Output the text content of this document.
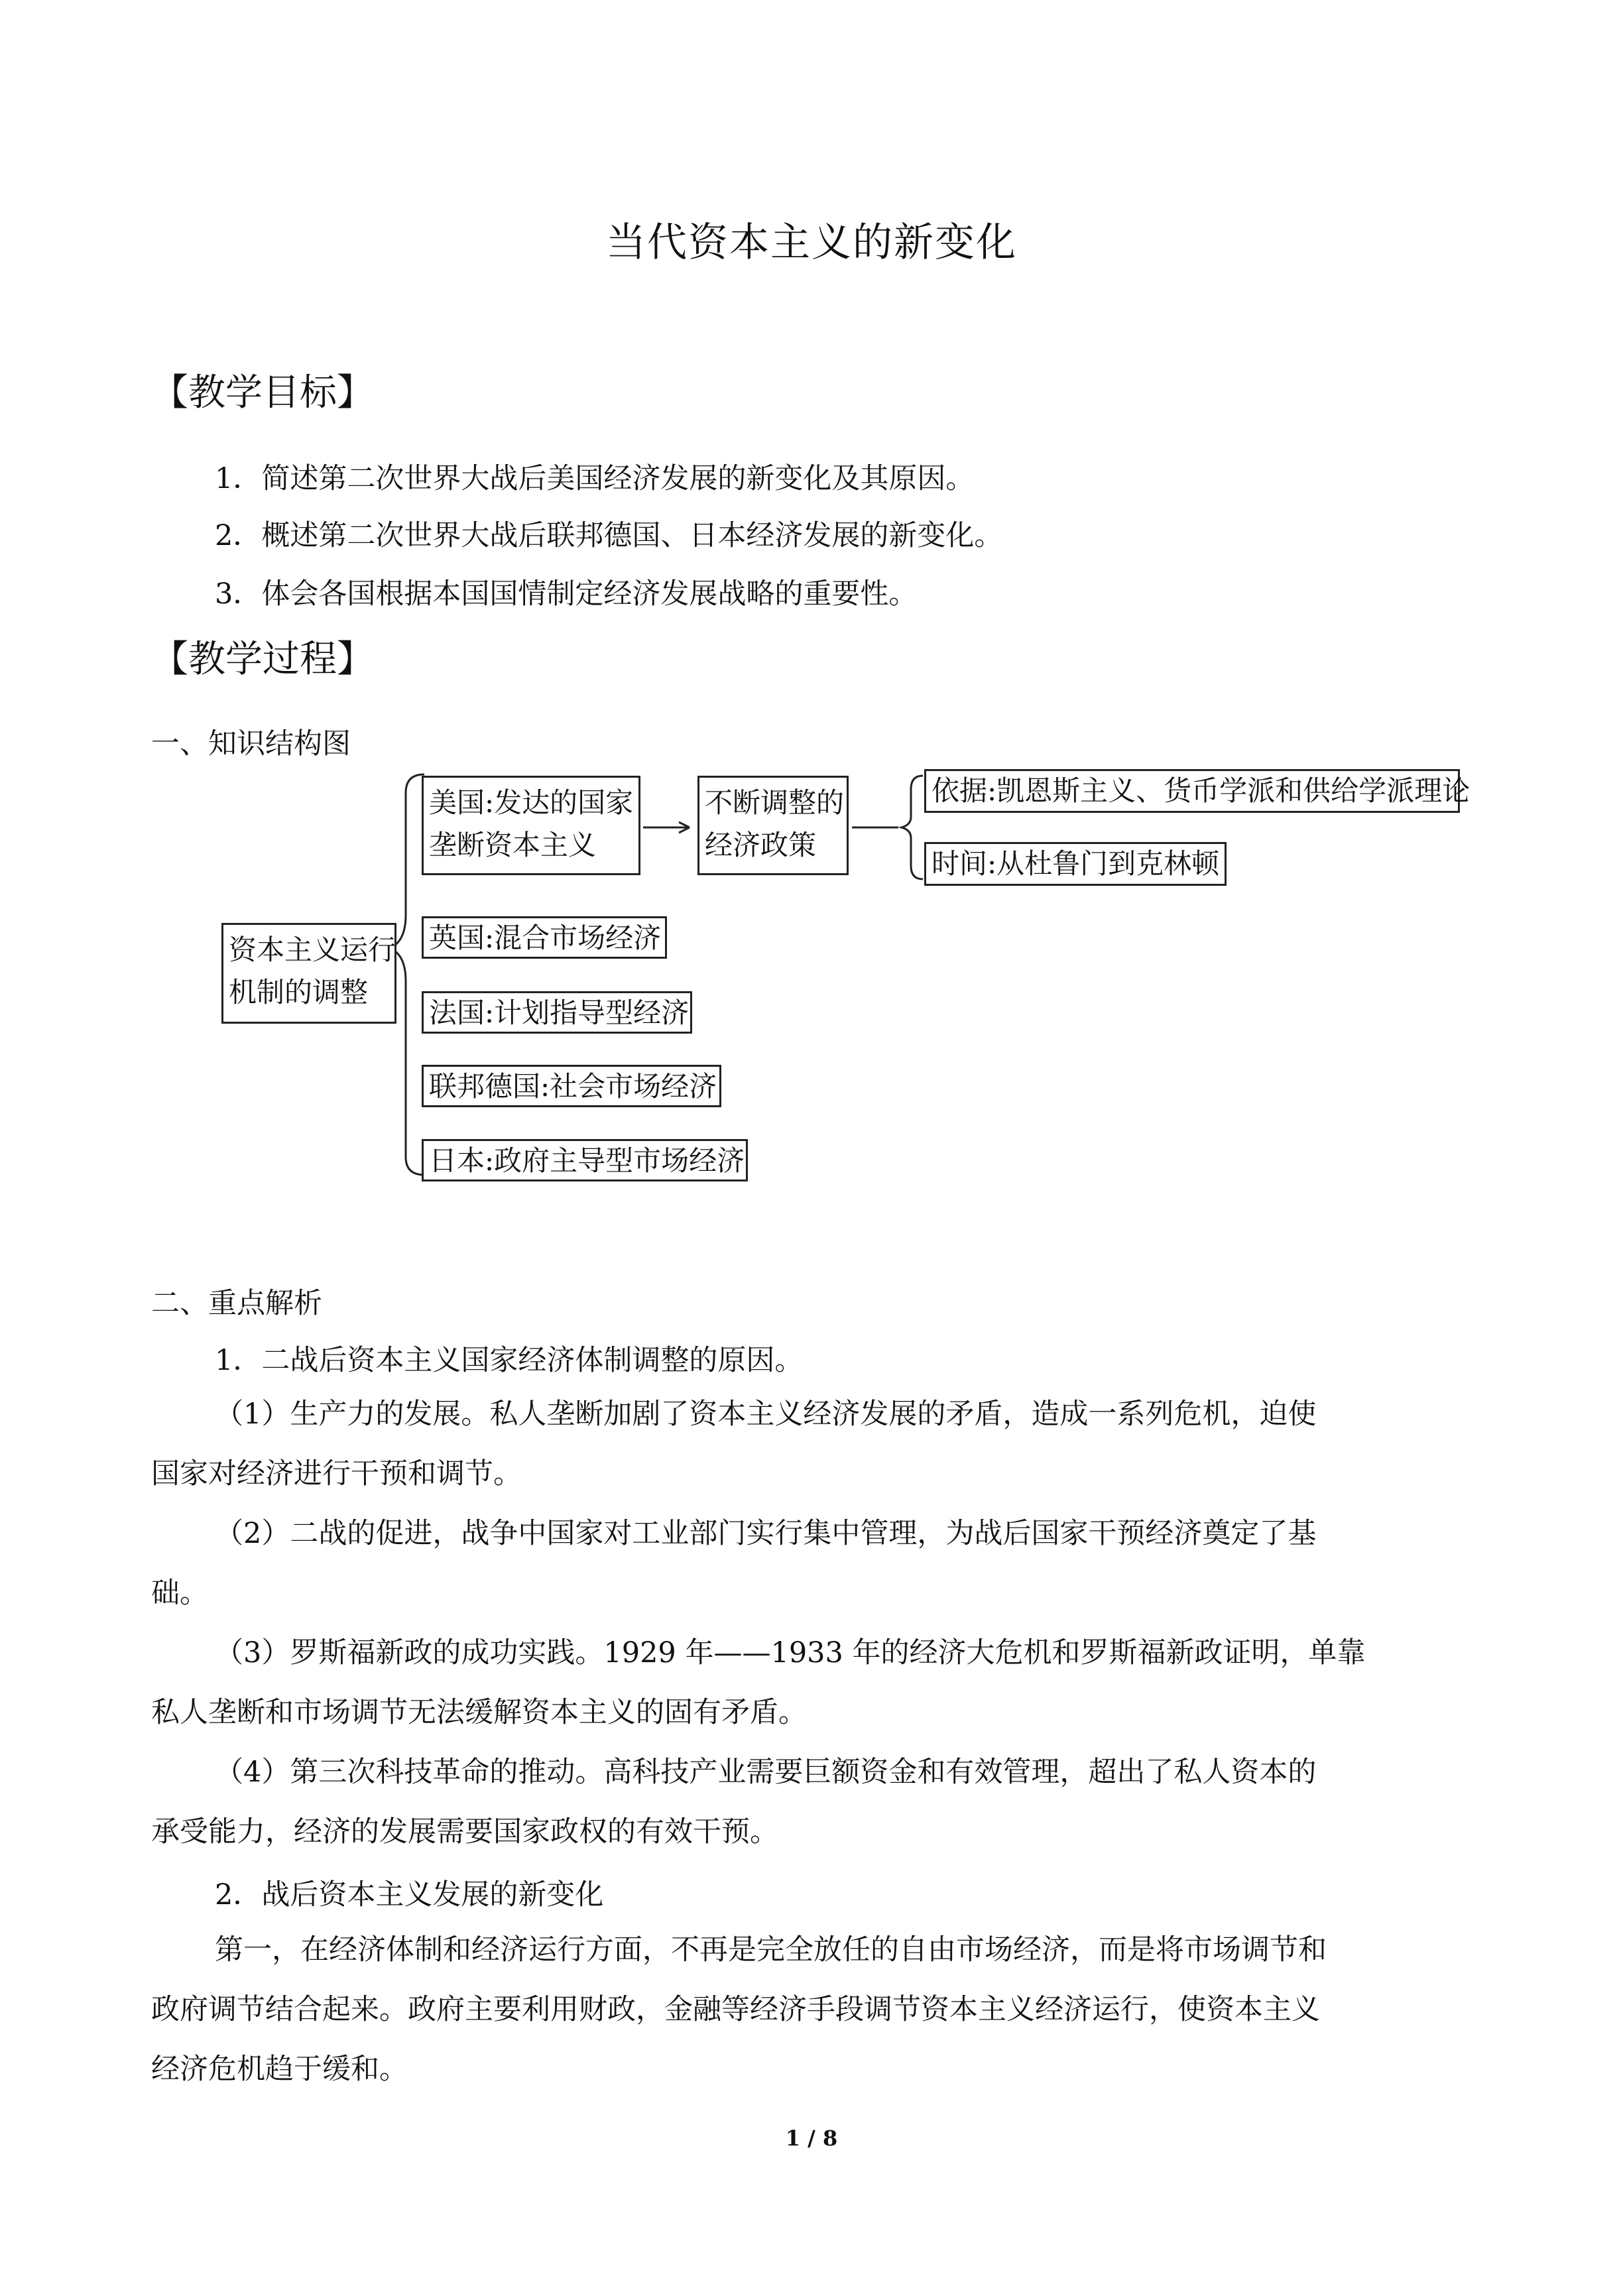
当代资本主义的新变化
【教学目标】
1．简述第二次世界大战后美国经济发展的新变化及其原因。
2．概述第二次世界大战后联邦德国、日本经济发展的新变化。
3．体会各国根据本国国情制定经济发展战略的重要性。
【教学过程】
一、知识结构图
资本主义运行
机制的调整
美国:发达的国家
垄断资本主义
不断调整的
经济政策
依据:凯恩斯主义、货币学派和供给学派理论
时间:从杜鲁门到克林顿
英国:混合市场经济
法国:计划指导型经济
联邦德国:社会市场经济
日本:政府主导型市场经济
二、重点解析
1．二战后资本主义国家经济体制调整的原因。
（1）生产力的发展。私人垄断加剧了资本主义经济发展的矛盾，造成一系列危机，迫使
国家对经济进行干预和调节。
（2）二战的促进，战争中国家对工业部门实行集中管理，为战后国家干预经济奠定了基
础。
（3）罗斯福新政的成功实践。1929 年——1933 年的经济大危机和罗斯福新政证明，单靠
私人垄断和市场调节无法缓解资本主义的固有矛盾。
（4）第三次科技革命的推动。高科技产业需要巨额资金和有效管理，超出了私人资本的
承受能力，经济的发展需要国家政权的有效干预。
2．战后资本主义发展的新变化
第一，在经济体制和经济运行方面，不再是完全放任的自由市场经济，而是将市场调节和
政府调节结合起来。政府主要利用财政，金融等经济手段调节资本主义经济运行，使资本主义
经济危机趋于缓和。
1 / 8
